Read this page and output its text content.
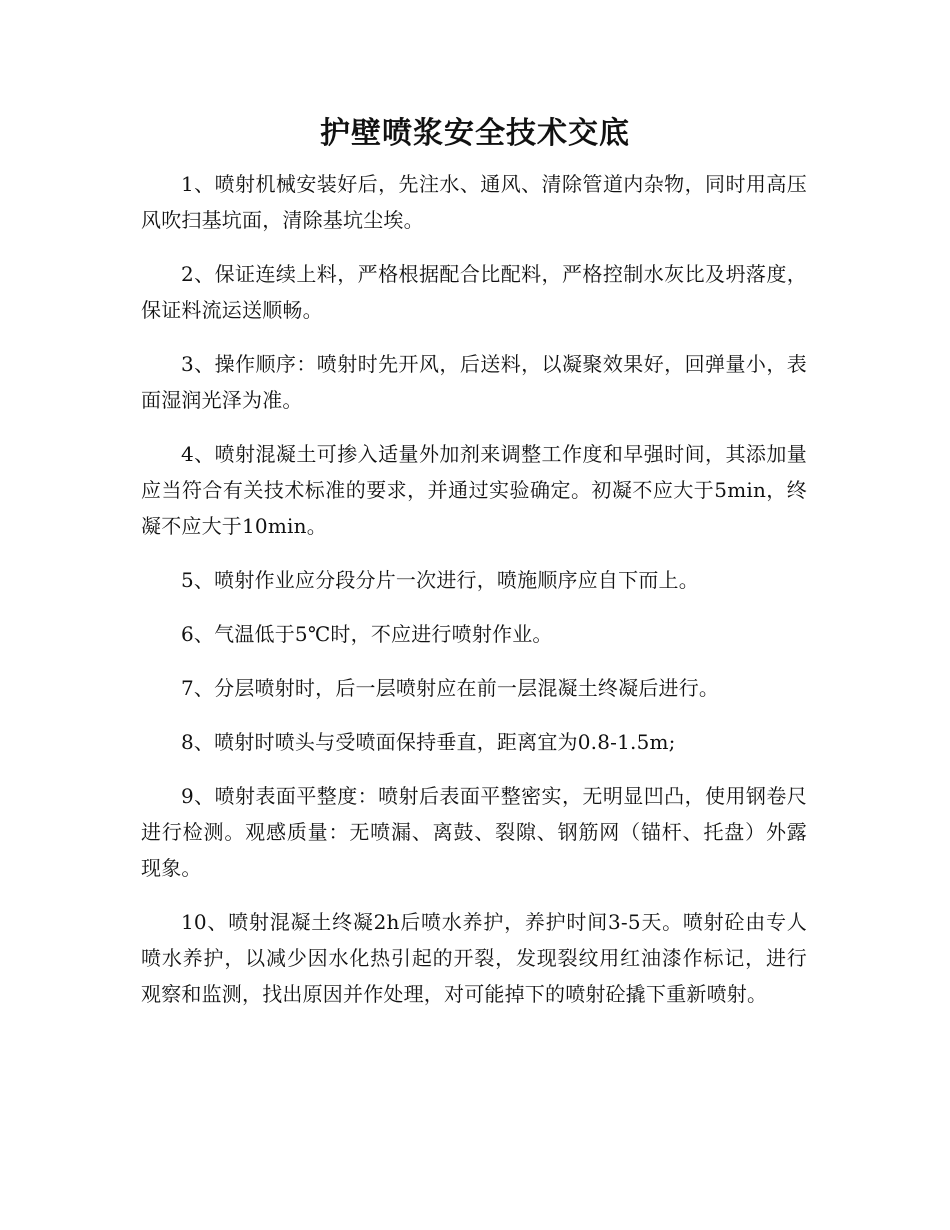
护壁喷浆安全技术交底

1、喷射机械安装好后，先注水、通风、清除管道内杂物，同时用高压风吹扫基坑面，清除基坑尘埃。

2、保证连续上料，严格根据配合比配料，严格控制水灰比及坍落度，保证料流运送顺畅。

3、操作顺序：喷射时先开风，后送料，以凝聚效果好，回弹量小，表面湿润光泽为准。

4、喷射混凝土可掺入适量外加剂来调整工作度和早强时间，其添加量应当符合有关技术标准的要求，并通过实验确定。初凝不应大于5min，终凝不应大于10min。

5、喷射作业应分段分片一次进行，喷施顺序应自下而上。

6、气温低于5℃时，不应进行喷射作业。

7、分层喷射时，后一层喷射应在前一层混凝土终凝后进行。

8、喷射时喷头与受喷面保持垂直，距离宜为0.8-1.5m;

9、喷射表面平整度：喷射后表面平整密实，无明显凹凸，使用钢卷尺进行检测。观感质量：无喷漏、离鼓、裂隙、钢筋网（锚杆、托盘）外露现象。

10、喷射混凝土终凝2h后喷水养护，养护时间3-5天。喷射砼由专人喷水养护，以减少因水化热引起的开裂，发现裂纹用红油漆作标记，进行观察和监测，找出原因并作处理，对可能掉下的喷射砼撬下重新喷射。
